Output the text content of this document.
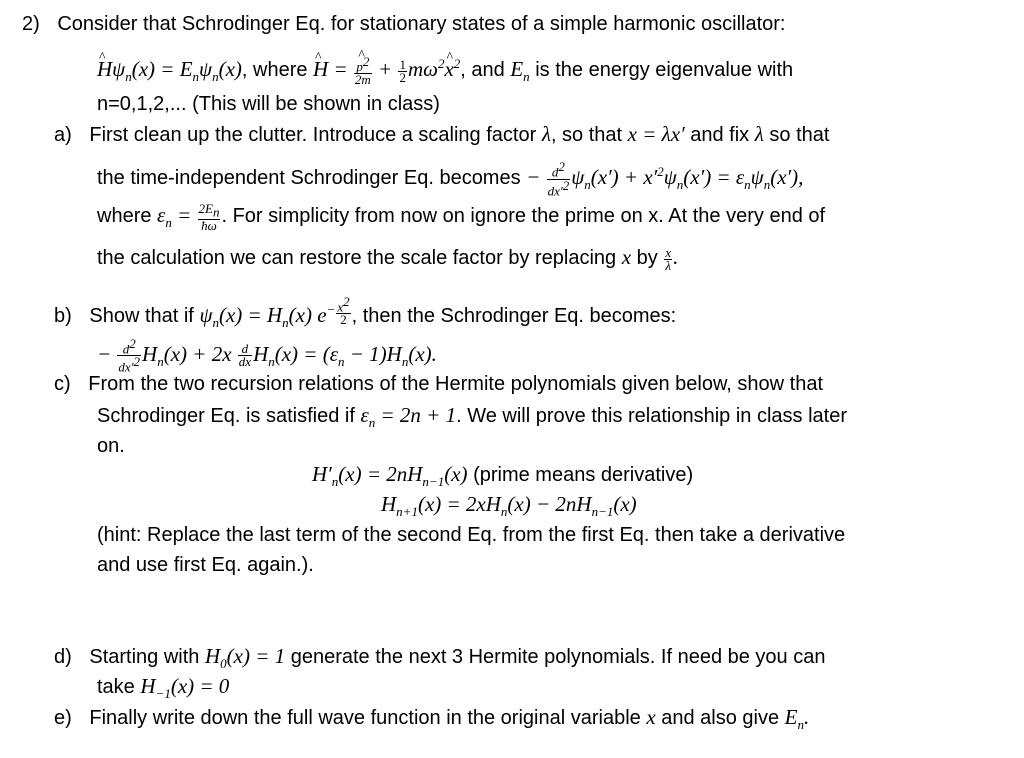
2) Consider that Schrodinger Eq. for stationary states of a simple harmonic oscillator:
H $\^{}\psi_n(x) = E_n\psi_n(x)$, where H ^ = $\frac{p \^{}^2}{2m} + \frac{1}{2} m\omega^2x$ ^$^2$, and $E_n$ is the energy eigenvalue with
n=0,1,2,... (This will be shown in class)
a) First clean up the clutter. Introduce a scaling factor λ, so that x = λx′ and fix λ so that
the time-independent Schrodinger Eq. becomes − $\frac{d^2}{dx'^2} \psi_n(x') + x'^2\psi_n(x') = \varepsilon_n\psi_n(x')$,
where $\varepsilon_n = \frac{2E_n}{ħ\omega}$ . For simplicity from now on ignore the prime on x. At the very end of
the calculation we can restore the scale factor by replacing x by $\frac{x}{\lambda}$ .
b) Show that if $\psi_n(x) = H_n(x)$ $e^{- \frac{x^2}{2}}$ , then the Schrodinger Eq. becomes:
− $\frac{d^2}{dx'^2} H_n(x) + 2x \frac{d}{dx} H_n(x) = (\varepsilon_n - 1)H_n(x)$.
c) From the two recursion relations of the Hermite polynomials given below, show that
Schrodinger Eq. is satisfied if $\varepsilon_n = 2n + 1$. We will prove this relationship in class later
on.
$H'_n(x) = 2nH_{n-1}(x)$ (prime means derivative)
$H_{n+1}(x) = 2xH_n(x) - 2nH_{n-1}(x)$
(hint: Replace the last term of the second Eq. from the first Eq. then take a derivative
and use first Eq. again.).
d) Starting with $H_0(x) = 1$ generate the next 3 Hermite polynomials. If need be you can
take $H_{-1}(x) = 0$
e) Finally write down the full wave function in the original variable x and also give $E_n$.
